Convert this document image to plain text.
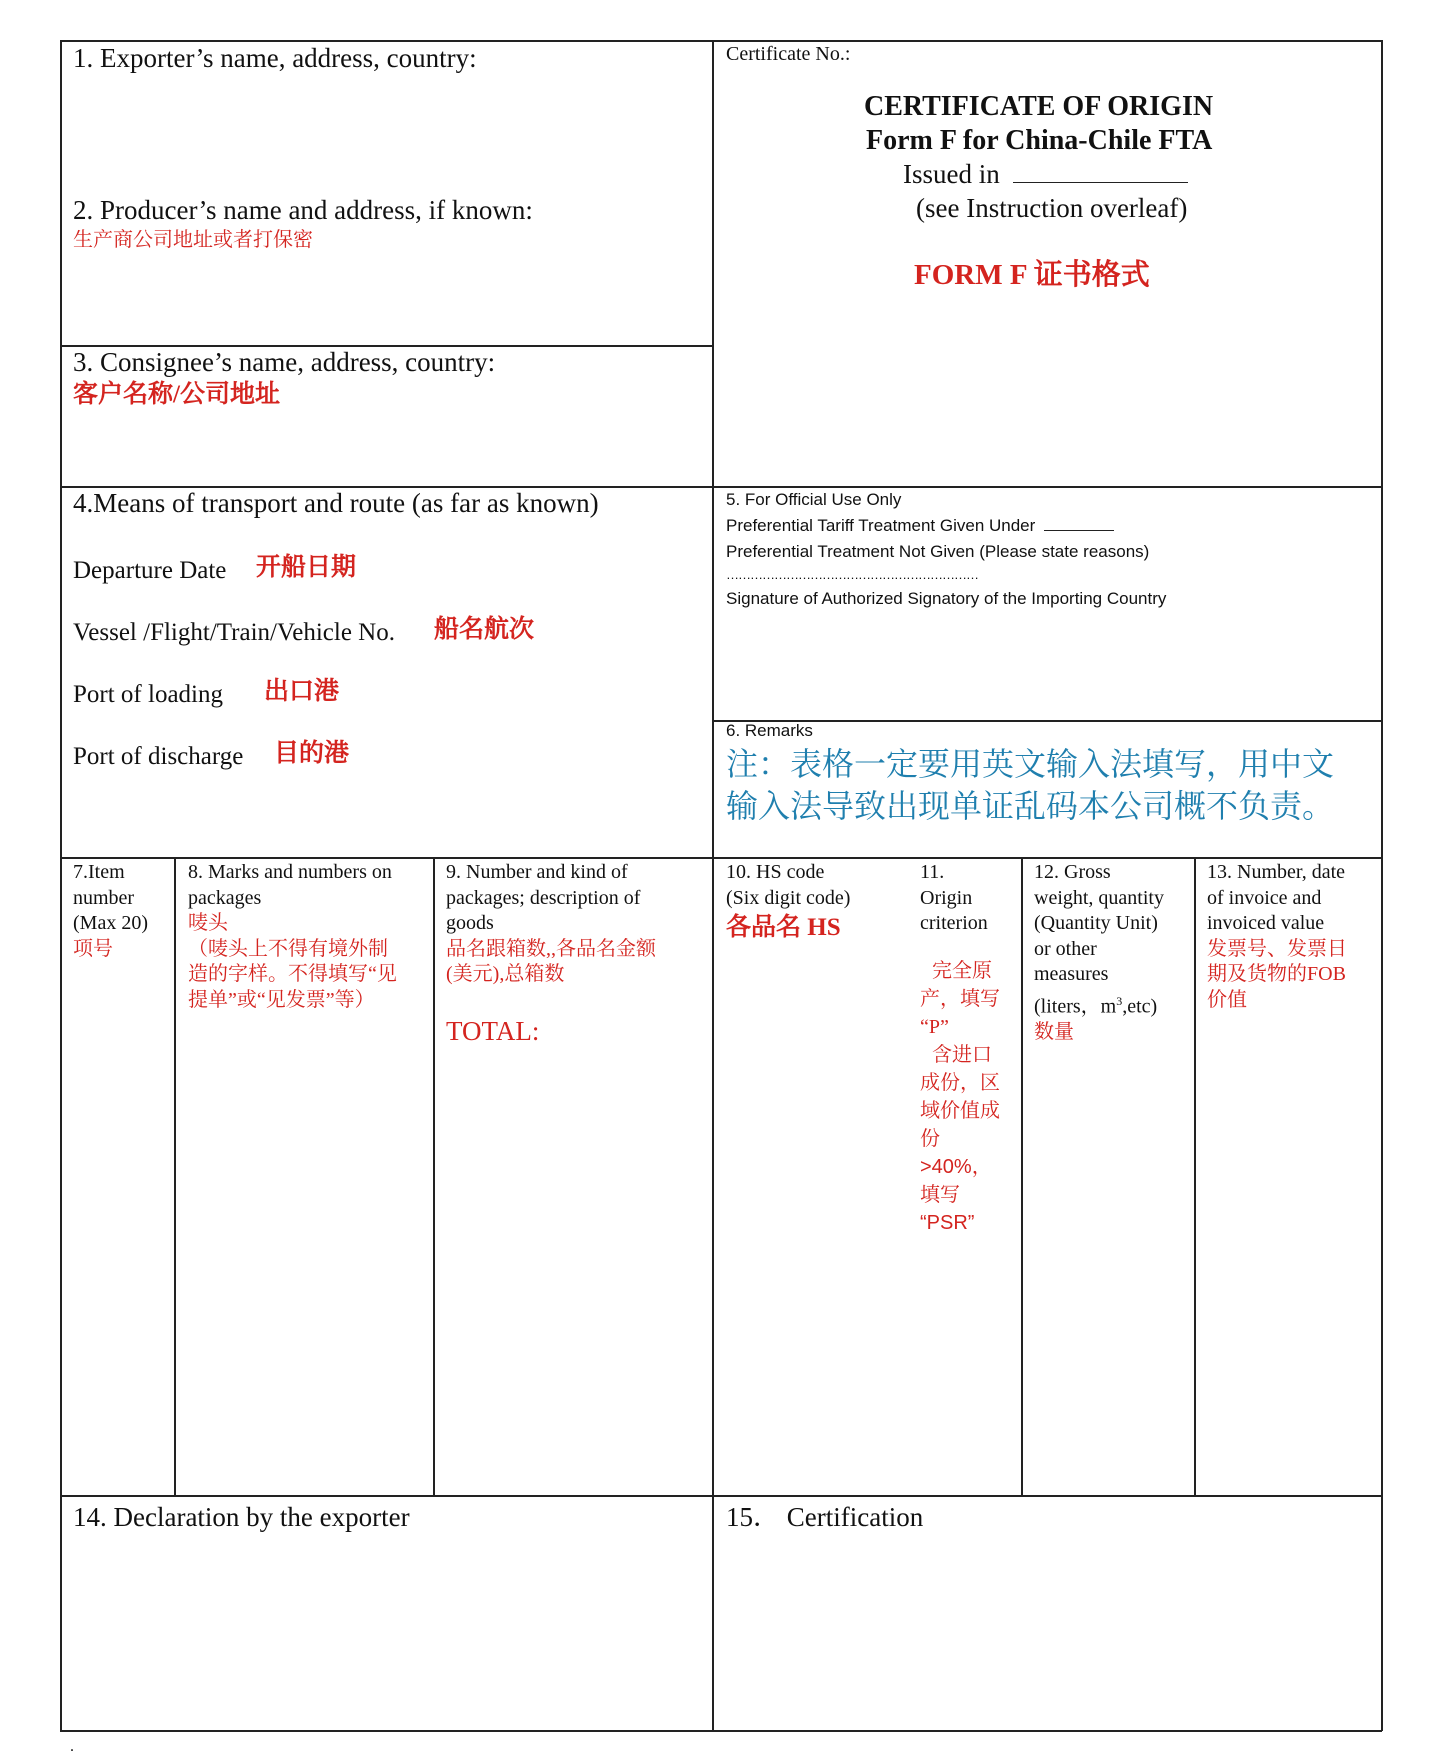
1. Exporter’s name, address, country:
2. Producer’s name and address, if known:
生产商公司地址或者打保密
3. Consignee’s name, address, country:
客户名称/公司地址
Certificate No.:
CERTIFICATE OF ORIGIN
Form F for China-Chile FTA
Issued in
(see Instruction overleaf)
FORM F 证书格式
4.Means of transport and route (as far as known)
Departure Date 开船日期
Vessel /Flight/Train/Vehicle No. 船名航次
Port of loading 出口港
Port of discharge 目的港
5. For Official Use Only
Preferential Tariff Treatment Given Under
Preferential Treatment Not Given (Please state reasons)
………………………………………………………
Signature of Authorized Signatory of the Importing Country
6. Remarks
注：表格一定要用英文输入法填写，用中文
输入法导致出现单证乱码本公司概不负责。
7.Item
number
(Max 20)
项号
8. Marks and numbers on
packages
唛头
（唛头上不得有境外制
造的字样。不得填写“见
提单”或“见发票”等）
9. Number and kind of
packages; description of
goods
品名跟箱数,,各品名金额
(美元),总箱数
TOTAL:
10. HS code
(Six digit code)
各品名 HS
11.
Origin
criterion
完全原
产，填写
“P”
含进口
成份，区
域价值成
份
>40%，
填写
“PSR”
12. Gross
weight, quantity
(Quantity Unit)
or other
measures
(liters，$m^3,etc$)
数量
13. Number, date
of invoice and
invoiced value
发票号、发票日
期及货物的FOB
价值
14. Declaration by the exporter	15． Certification
.
